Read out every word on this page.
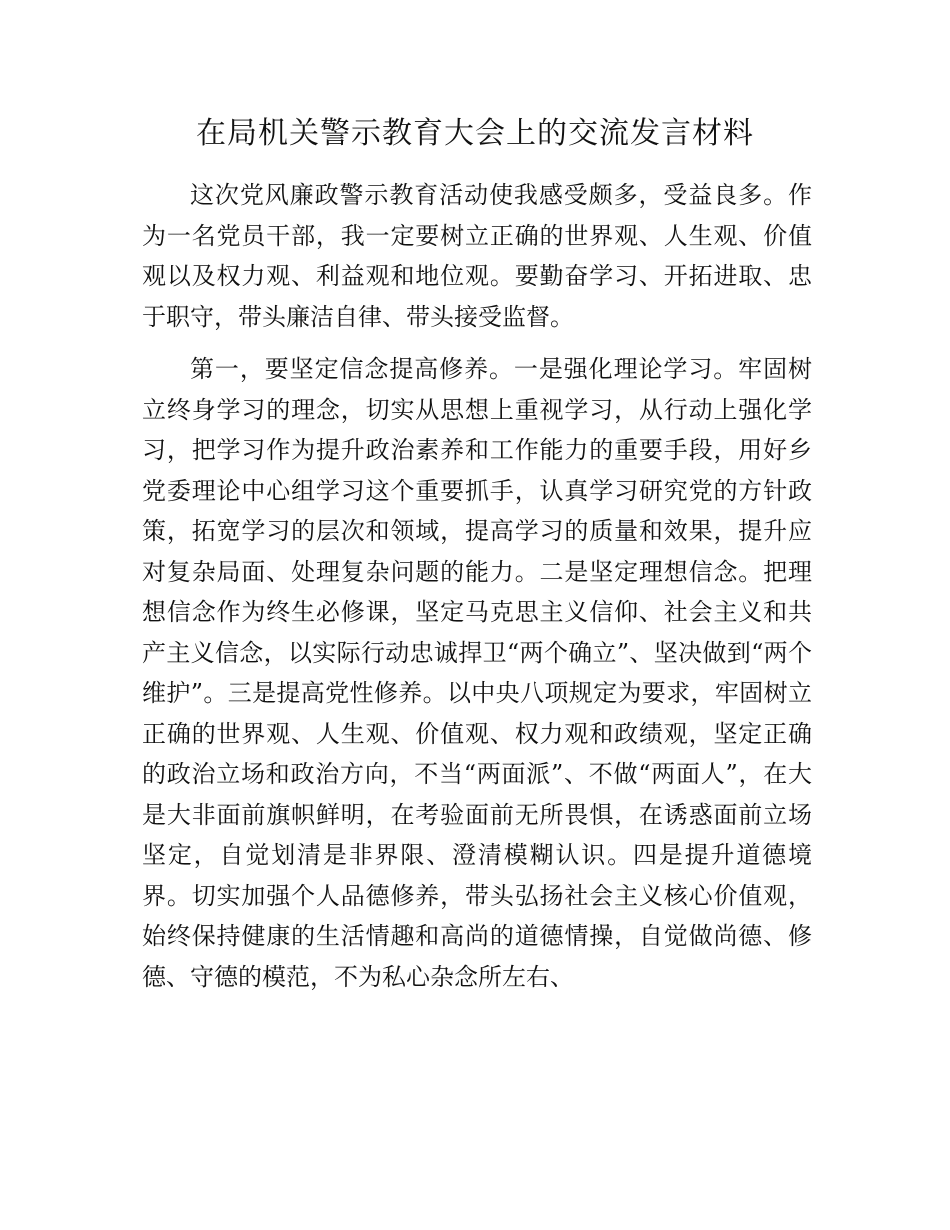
在局机关警示教育大会上的交流发言材料

这次党风廉政警示教育活动使我感受颇多，受益良多。作为一名党员干部，我一定要树立正确的世界观、人生观、价值观以及权力观、利益观和地位观。要勤奋学习、开拓进取、忠于职守，带头廉洁自律、带头接受监督。

第一，要坚定信念提高修养。一是强化理论学习。牢固树立终身学习的理念，切实从思想上重视学习，从行动上强化学习，把学习作为提升政治素养和工作能力的重要手段，用好乡党委理论中心组学习这个重要抓手，认真学习研究党的方针政策，拓宽学习的层次和领域，提高学习的质量和效果，提升应对复杂局面、处理复杂问题的能力。二是坚定理想信念。把理想信念作为终生必修课，坚定马克思主义信仰、社会主义和共产主义信念，以实际行动忠诚捍卫“两个确立”、坚决做到“两个维护”。三是提高党性修养。以中央八项规定为要求，牢固树立正确的世界观、人生观、价值观、权力观和政绩观，坚定正确的政治立场和政治方向，不当“两面派”、不做“两面人”，在大是大非面前旗帜鲜明，在考验面前无所畏惧，在诱惑面前立场坚定，自觉划清是非界限、澄清模糊认识。四是提升道德境界。切实加强个人品德修养，带头弘扬社会主义核心价值观，始终保持健康的生活情趣和高尚的道德情操，自觉做尚德、修德、守德的模范，不为私心杂念所左右、
